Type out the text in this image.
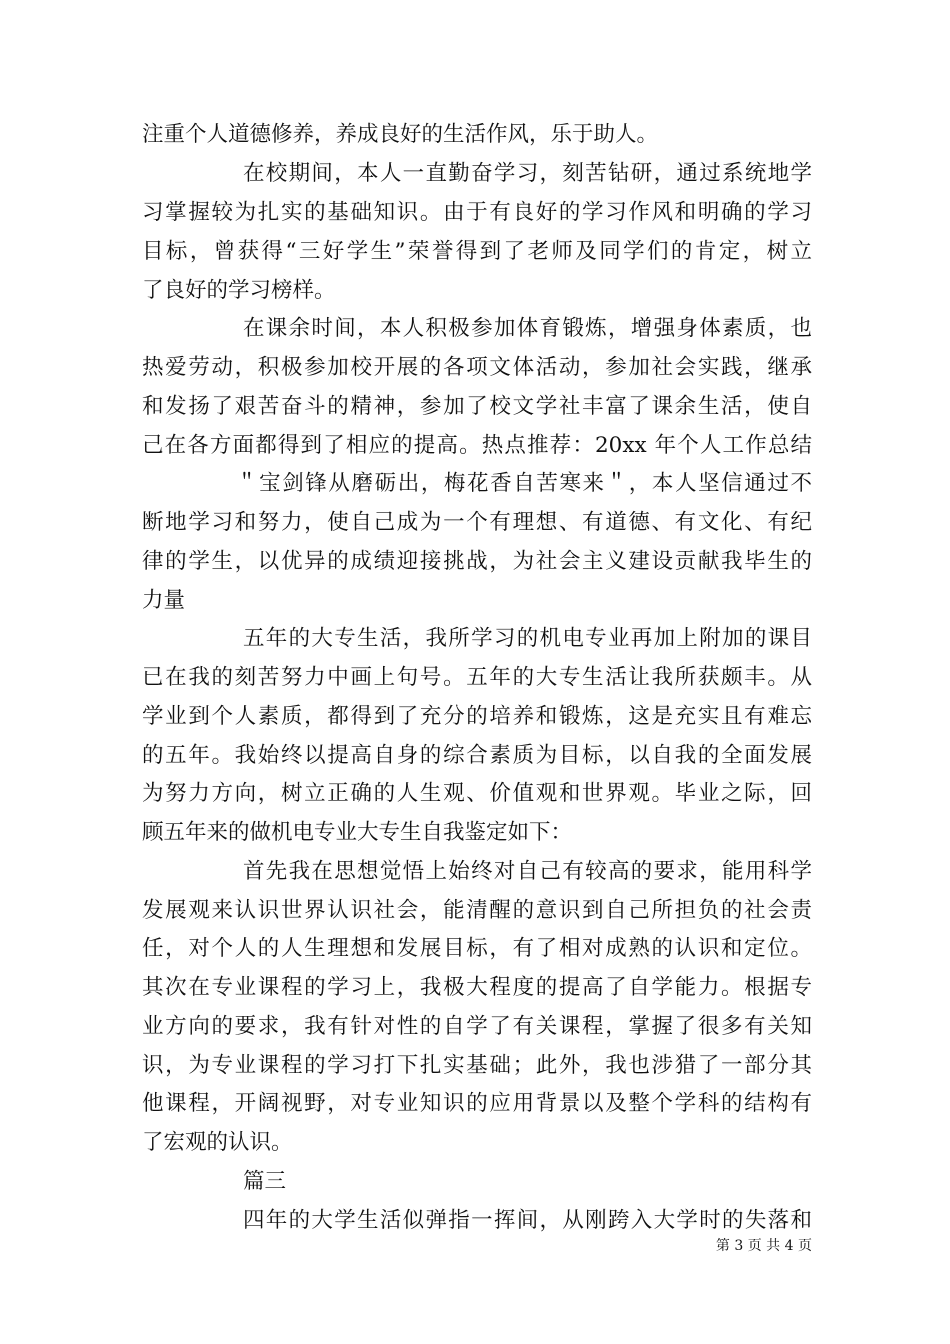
注重个人道德修养，养成良好的生活作风，乐于助人。
在校期间，本人一直勤奋学习，刻苦钻研，通过系统地学
习掌握较为扎实的基础知识。由于有良好的学习作风和明确的学习
目标，曾获得“三好学生”荣誉得到了老师及同学们的肯定，树立
了良好的学习榜样。
在课余时间，本人积极参加体育锻炼，增强身体素质，也
热爱劳动，积极参加校开展的各项文体活动，参加社会实践，继承
和发扬了艰苦奋斗的精神，参加了校文学社丰富了课余生活，使自
己在各方面都得到了相应的提高。热点推荐：20xx 年个人工作总结
＂宝剑锋从磨砺出，梅花香自苦寒来＂，本人坚信通过不
断地学习和努力，使自己成为一个有理想、有道德、有文化、有纪
律的学生，以优异的成绩迎接挑战，为社会主义建设贡献我毕生的
力量
五年的大专生活，我所学习的机电专业再加上附加的课目
已在我的刻苦努力中画上句号。五年的大专生活让我所获颇丰。从
学业到个人素质，都得到了充分的培养和锻炼，这是充实且有难忘
的五年。我始终以提高自身的综合素质为目标，以自我的全面发展
为努力方向，树立正确的人生观、价值观和世界观。毕业之际，回
顾五年来的做机电专业大专生自我鉴定如下：
首先我在思想觉悟上始终对自己有较高的要求，能用科学
发展观来认识世界认识社会，能清醒的意识到自己所担负的社会责
任，对个人的人生理想和发展目标，有了相对成熟的认识和定位。
其次在专业课程的学习上，我极大程度的提高了自学能力。根据专
业方向的要求，我有针对性的自学了有关课程，掌握了很多有关知
识，为专业课程的学习打下扎实基础；此外，我也涉猎了一部分其
他课程，开阔视野，对专业知识的应用背景以及整个学科的结构有
了宏观的认识。
篇三
四年的大学生活似弹指一挥间，从刚跨入大学时的失落和
第 3 页 共 4 页
